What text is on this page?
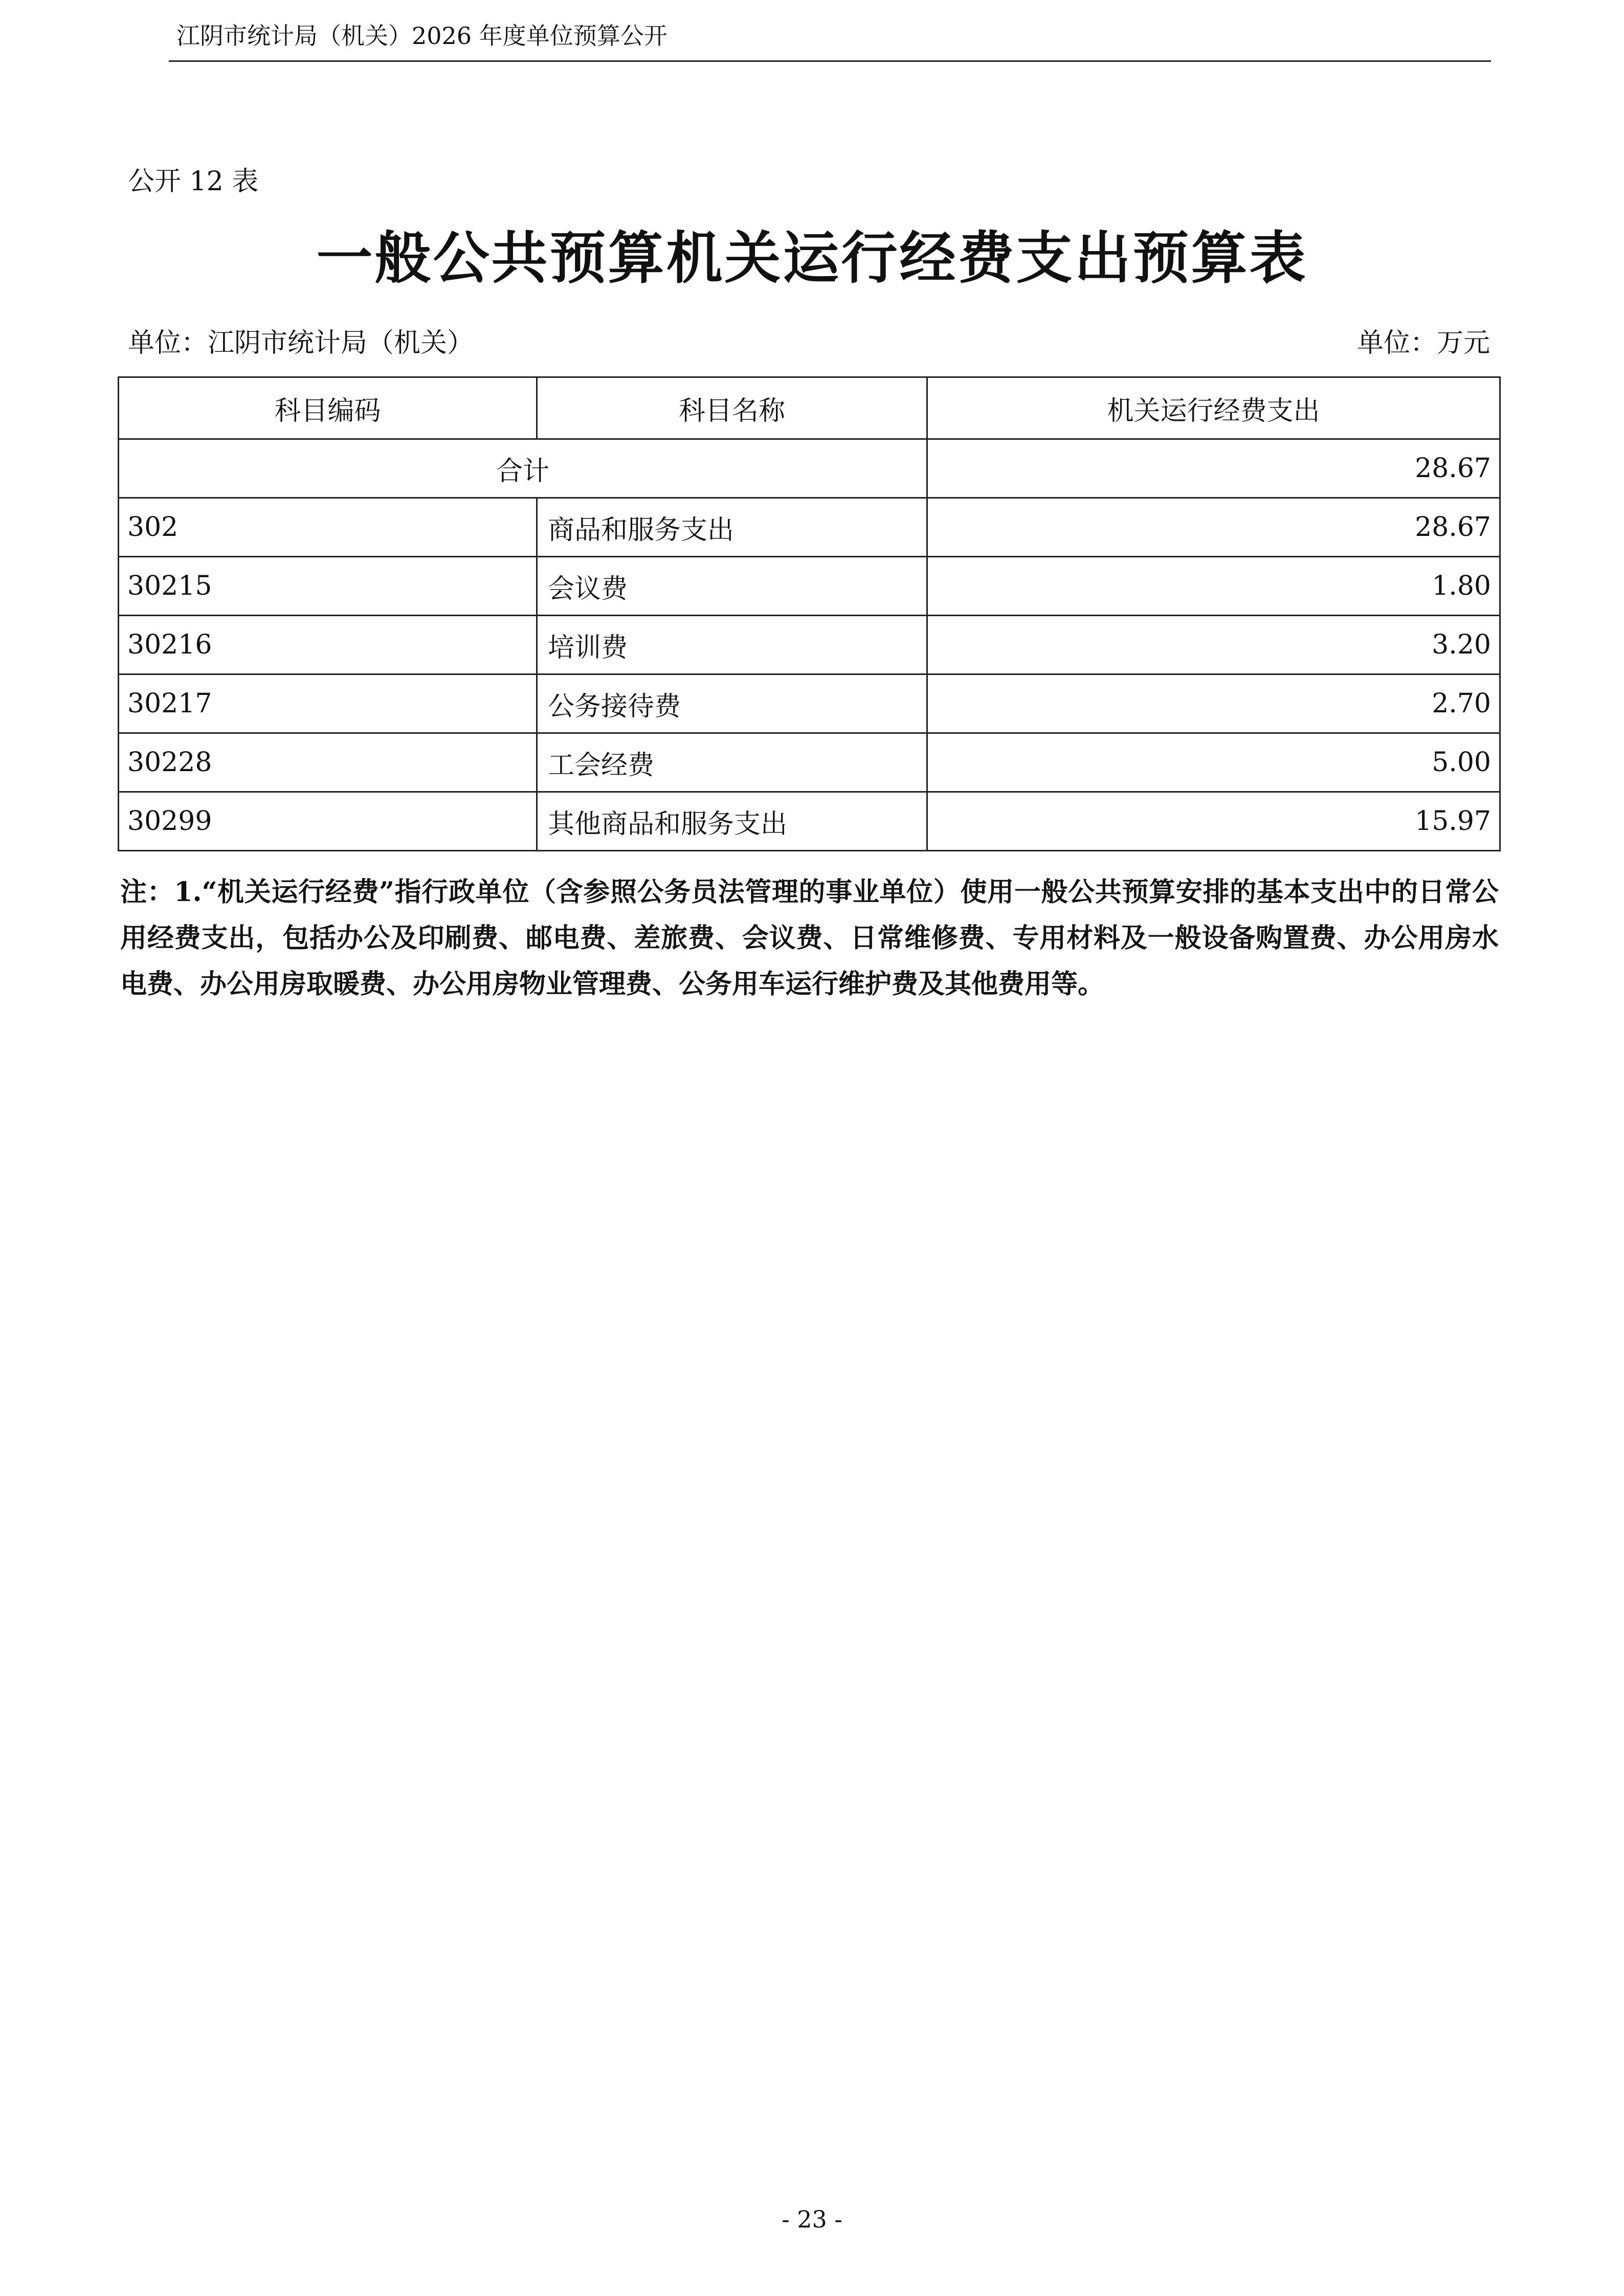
江阴市统计局（机关）2026 年度单位预算公开
公开 12 表
一般公共预算机关运行经费支出预算表
单位：江阴市统计局（机关）	单位：万元
科目编码	科目名称	机关运行经费支出
合计		28.67
302	商品和服务支出	28.67
30215	会议费	1.80
30216	培训费	3.20
30217	公务接待费	2.70
30228	工会经费	5.00
30299	其他商品和服务支出	15.97
注：1.“机关运行经费”指行政单位（含参照公务员法管理的事业单位）使用一般公共预算安排的基本支出中的日常公用经费支出，包括办公及印刷费、邮电费、差旅费、会议费、日常维修费、专用材料及一般设备购置费、办公用房水电费、办公用房取暖费、办公用房物业管理费、公务用车运行维护费及其他费用等。
- 23 -
